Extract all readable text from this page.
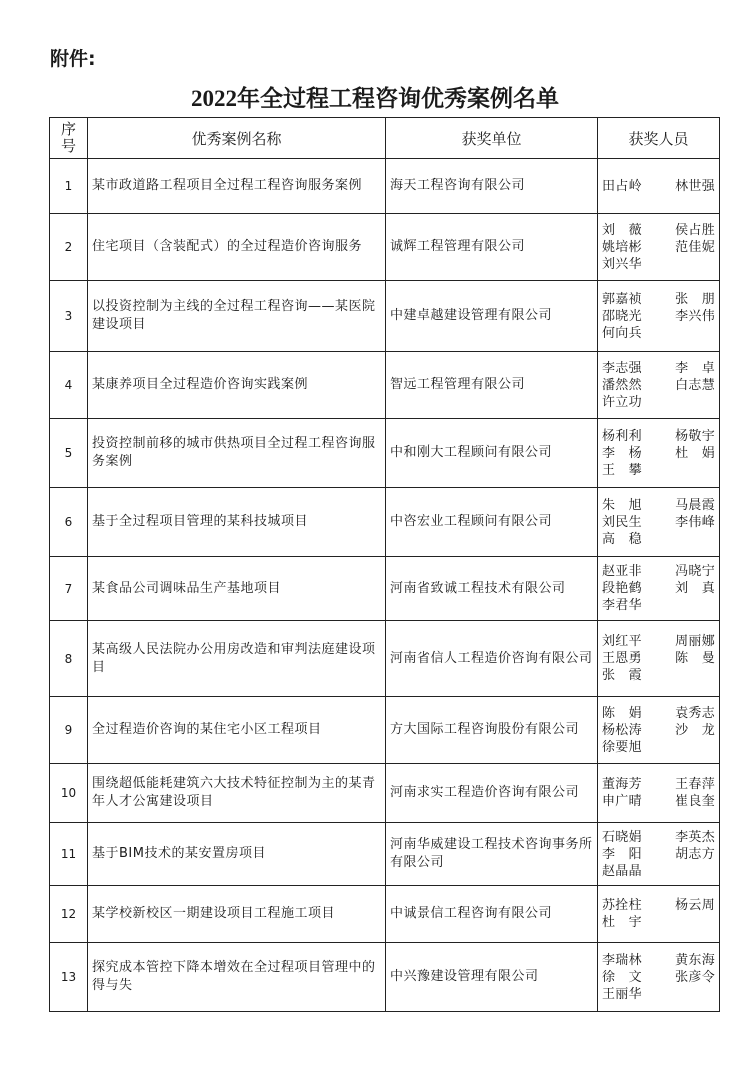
附件:
2022年全过程工程咨询优秀案例名单
序号	优秀案例名称	获奖单位	获奖人员
1	某市政道路工程项目全过程工程咨询服务案例	海天工程咨询有限公司	田占岭 林世强

2	住宅项目（含装配式）的全过程造价咨询服务	诚辉工程管理有限公司	刘　薇 侯占胜
姚培彬 范佳妮
刘兴华

3	以投资控制为主线的全过程工程咨询——某医院建设项目	中建卓越建设管理有限公司	郭嘉祯 张　朋
邵晓光 李兴伟
何向兵

4	某康养项目全过程造价咨询实践案例	智远工程管理有限公司	李志强 李　卓
潘然然 白志慧
许立功

5	投资控制前移的城市供热项目全过程工程咨询服务案例	中和刚大工程顾问有限公司	杨利利 杨敬宇
李　杨 杜　娟
王　攀

6	基于全过程项目管理的某科技城项目	中咨宏业工程顾问有限公司	朱　旭 马晨霞
刘民生 李伟峰
高　稳

7	某食品公司调味品生产基地项目	河南省致诚工程技术有限公司	赵亚非 冯晓宁
段艳鹤 刘　真
李君华

8	某高级人民法院办公用房改造和审判法庭建设项目	河南省信人工程造价咨询有限公司	刘红平 周丽娜
王恩勇 陈　曼
张　霞

9	全过程造价咨询的某住宅小区工程项目	方大国际工程咨询股份有限公司	陈　娟 袁秀志
杨松涛 沙　龙
徐要旭

10	围绕超低能耗建筑六大技术特征控制为主的某青年人才公寓建设项目	河南求实工程造价咨询有限公司	董海芳 王春萍
申广晴 崔良奎

11	基于BIM技术的某安置房项目	河南华威建设工程技术咨询事务所有限公司	石晓娟 李英杰
李　阳 胡志方
赵晶晶

12	某学校新校区一期建设项目工程施工项目	中诚景信工程咨询有限公司	苏拴柱 杨云周
杜　宇

13	探究成本管控下降本增效在全过程项目管理中的得与失	中兴豫建设管理有限公司	李瑞林 黄东海
徐　文 张彦令
王丽华
